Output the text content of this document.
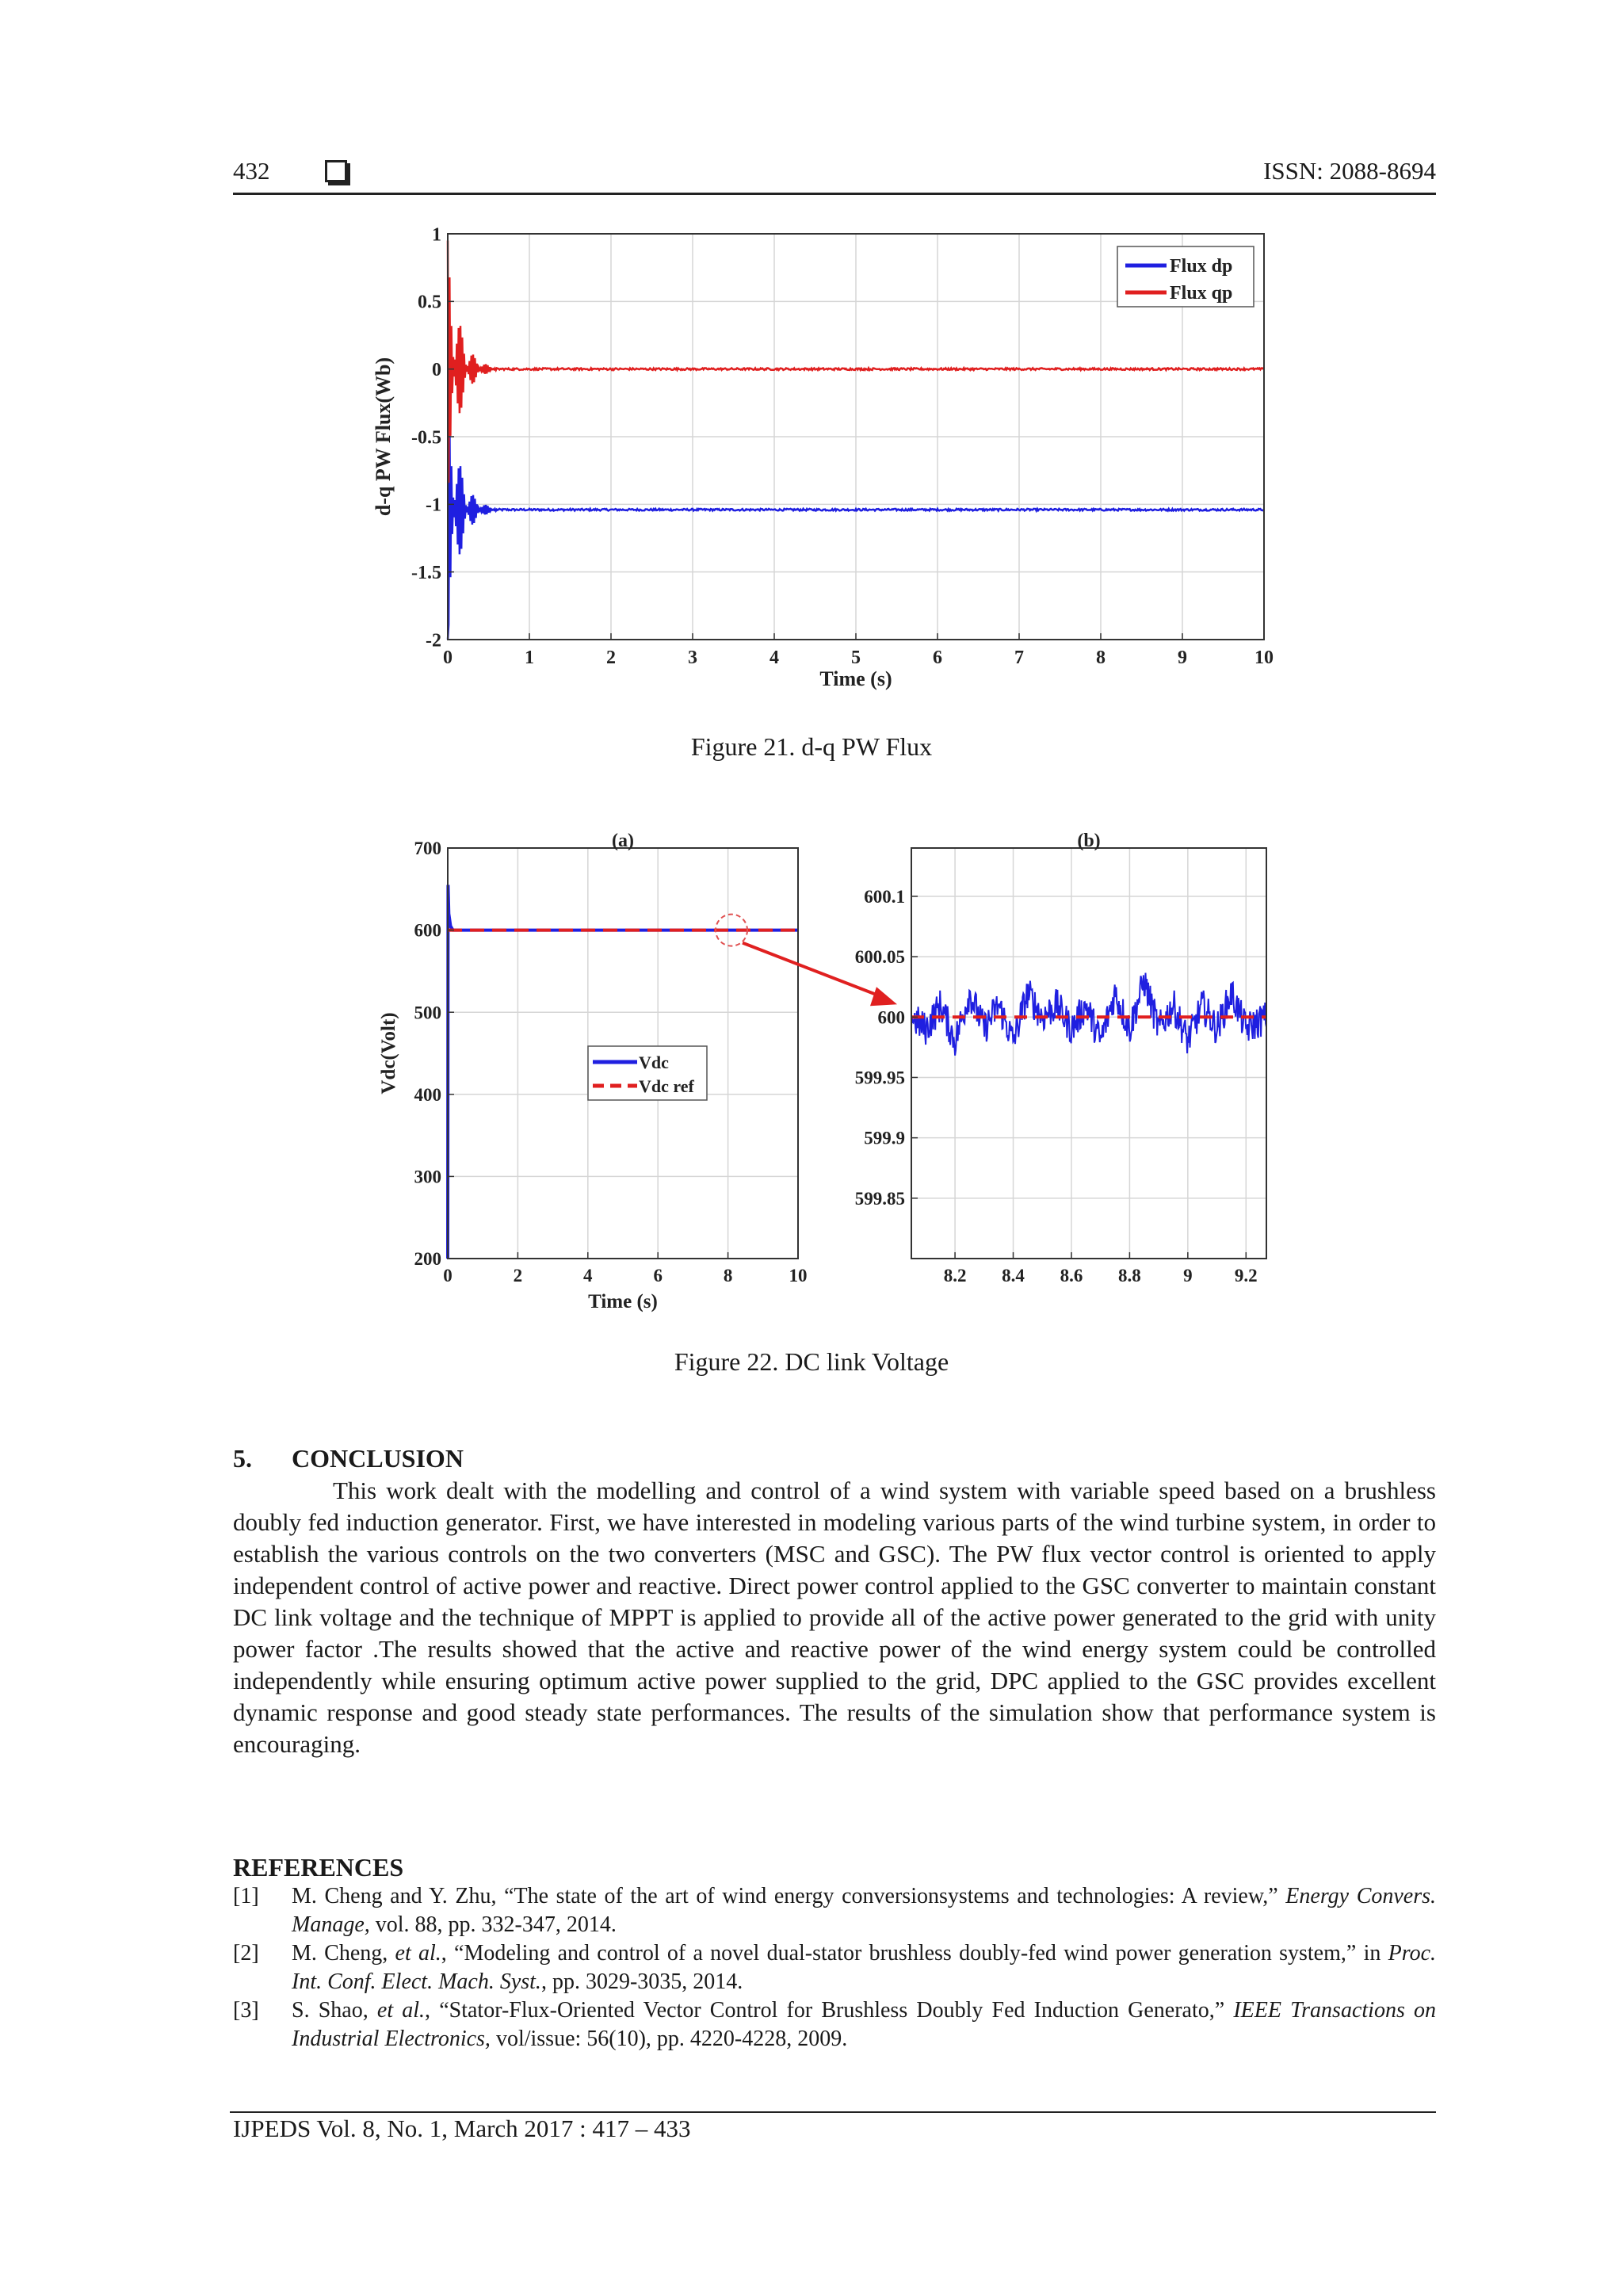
432	ISSN: 2088-8694
0	1	2	3	4	5	6	7	8	9	10
1
0.5
0
-0.5
-1
-1.5
-2
Time (s)
d-q PW Flux(Wb)
Flux dp
Flux qp
Figure 21. d-q PW Flux
0	2	4	6	8	10
700
600
500
400
300
200
(a)
Time (s)
Vdc(Volt)	Vdc
Vdc ref
8.2 8.4 8.6 8.8 9 9.2
600.1
600.05
600
599.95
599.9
599.85
(b)
Figure 22. DC link Voltage
5. CONCLUSION
This work dealt with the modelling and control of a wind system with variable speed based on a brushless doubly fed induction generator. First, we have interested in modeling various parts of the wind turbine system, in order to establish the various controls on the two converters (MSC and GSC). The PW flux vector control is oriented to apply independent control of active power and reactive. Direct power control applied to the GSC converter to maintain constant DC link voltage and the technique of MPPT is applied to provide all of the active power generated to the grid with unity power factor .The results showed that the active and reactive power of the wind energy system could be controlled independently while ensuring optimum active power supplied to the grid, DPC applied to the GSC provides excellent dynamic response and good steady state performances. The results of the simulation show that performance system is encouraging.
REFERENCES
[1] M. Cheng and Y. Zhu, “The state of the art of wind energy conversionsystems and technologies: A review,” Energy Convers. Manage, vol. 88, pp. 332-347, 2014.
[2] M. Cheng, et al., “Modeling and control of a novel dual-stator brushless doubly-fed wind power generation system,” in Proc. Int. Conf. Elect. Mach. Syst., pp. 3029-3035, 2014.
[3] S. Shao, et al., “Stator-Flux-Oriented Vector Control for Brushless Doubly Fed Induction Generato,” IEEE Transactions on Industrial Electronics, vol/issue: 56(10), pp. 4220-4228, 2009.
IJPEDS Vol. 8, No. 1, March 2017 : 417 – 433
